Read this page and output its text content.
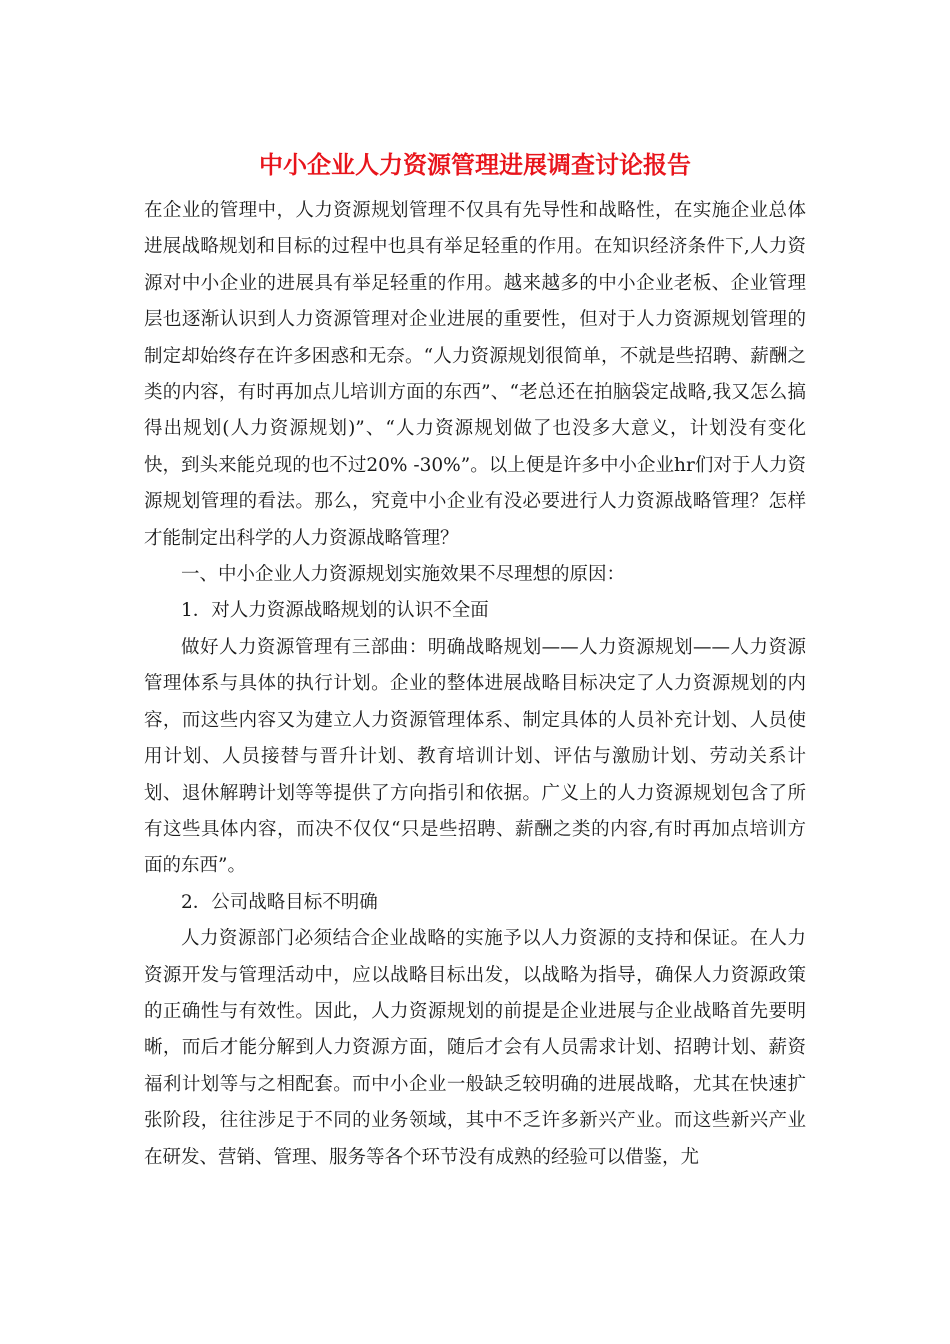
中小企业人力资源管理进展调查讨论报告

在企业的管理中，人力资源规划管理不仅具有先导性和战略性，在实施企业总体进展战略规划和目标的过程中也具有举足轻重的作用。在知识经济条件下,人力资源对中小企业的进展具有举足轻重的作用。越来越多的中小企业老板、企业管理层也逐渐认识到人力资源管理对企业进展的重要性，但对于人力资源规划管理的制定却始终存在许多困惑和无奈。“人力资源规划很简单，不就是些招聘、薪酬之类的内容，有时再加点儿培训方面的东西”、“老总还在拍脑袋定战略,我又怎么搞得出规划(人力资源规划)”、“人力资源规划做了也没多大意义，计划没有变化快，到头来能兑现的也不过20% -30%”。以上便是许多中小企业hr们对于人力资源规划管理的看法。那么，究竟中小企业有没必要进行人力资源战略管理？怎样才能制定出科学的人力资源战略管理？

一、中小企业人力资源规划实施效果不尽理想的原因：

1．对人力资源战略规划的认识不全面

做好人力资源管理有三部曲：明确战略规划——人力资源规划——人力资源管理体系与具体的执行计划。企业的整体进展战略目标决定了人力资源规划的内容，而这些内容又为建立人力资源管理体系、制定具体的人员补充计划、人员使用计划、人员接替与晋升计划、教育培训计划、评估与激励计划、劳动关系计划、退休解聘计划等等提供了方向指引和依据。广义上的人力资源规划包含了所有这些具体内容，而决不仅仅“只是些招聘、薪酬之类的内容,有时再加点培训方面的东西”。

2．公司战略目标不明确

人力资源部门必须结合企业战略的实施予以人力资源的支持和保证。在人力资源开发与管理活动中，应以战略目标出发，以战略为指导，确保人力资源政策的正确性与有效性。因此，人力资源规划的前提是企业进展与企业战略首先要明晰，而后才能分解到人力资源方面，随后才会有人员需求计划、招聘计划、薪资福利计划等与之相配套。而中小企业一般缺乏较明确的进展战略，尤其在快速扩张阶段，往往涉足于不同的业务领域，其中不乏许多新兴产业。而这些新兴产业在研发、营销、管理、服务等各个环节没有成熟的经验可以借鉴，尤
